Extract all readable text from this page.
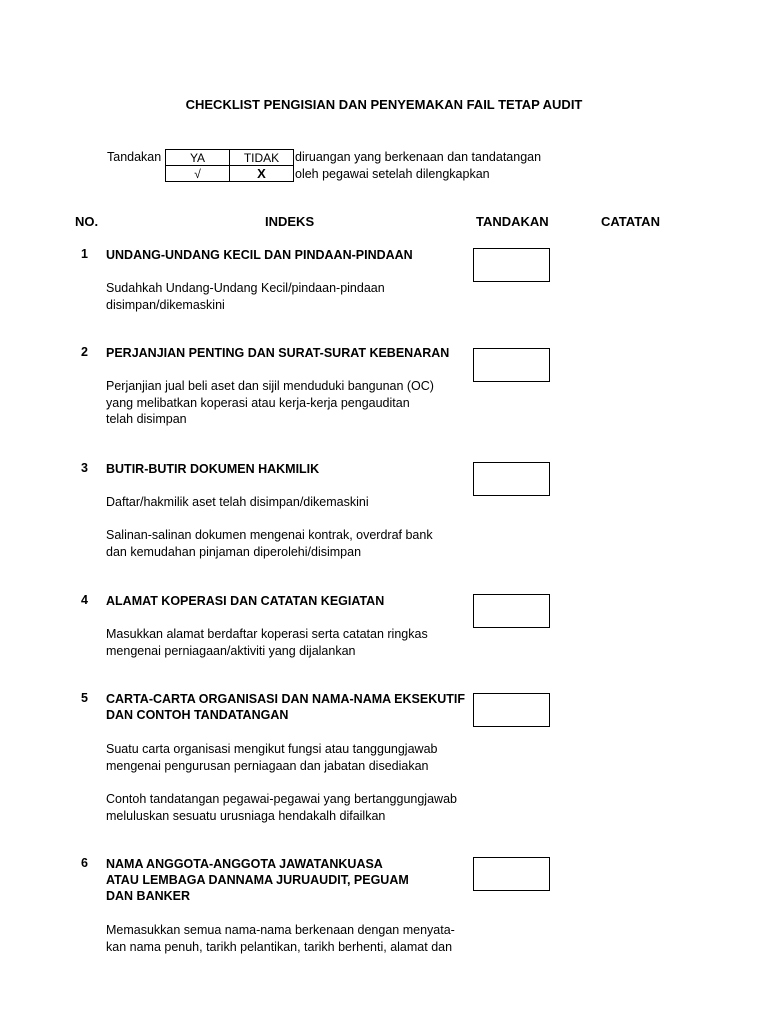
CHECKLIST PENGISIAN DAN PENYEMAKAN FAIL TETAP AUDIT
Tandakan YA	TIDAK
√	X
diruangan yang berkenaan dan tandatangan
oleh pegawai setelah dilengkapkan
NO.	INDEKS	TANDAKAN	CATATAN
1 UNDANG-UNDANG KECIL DAN PINDAAN-PINDAAN
Sudahkah Undang-Undang Kecil/pindaan-pindaan
disimpan/dikemaskini
2 PERJANJIAN PENTING DAN SURAT-SURAT KEBENARAN
Perjanjian jual beli aset dan sijil menduduki bangunan (OC)
yang melibatkan koperasi atau kerja-kerja pengauditan
telah disimpan
3 BUTIR-BUTIR DOKUMEN HAKMILIK
Daftar/hakmilik aset telah disimpan/dikemaskini
Salinan-salinan dokumen mengenai kontrak, overdraf bank
dan kemudahan pinjaman diperolehi/disimpan
4 ALAMAT KOPERASI DAN CATATAN KEGIATAN
Masukkan alamat berdaftar koperasi serta catatan ringkas
mengenai perniagaan/aktiviti yang dijalankan
5 CARTA-CARTA ORGANISASI DAN NAMA-NAMA EKSEKUTIF
DAN CONTOH TANDATANGAN
Suatu carta organisasi mengikut fungsi atau tanggungjawab
mengenai pengurusan perniagaan dan jabatan disediakan
Contoh tandatangan pegawai-pegawai yang bertanggungjawab
meluluskan sesuatu urusniaga hendakalh difailkan
6 NAMA ANGGOTA-ANGGOTA JAWATANKUASA
ATAU LEMBAGA DANNAMA JURUAUDIT, PEGUAM
DAN BANKER
Memasukkan semua nama-nama berkenaan dengan menyata-
kan nama penuh, tarikh pelantikan, tarikh berhenti, alamat dan
